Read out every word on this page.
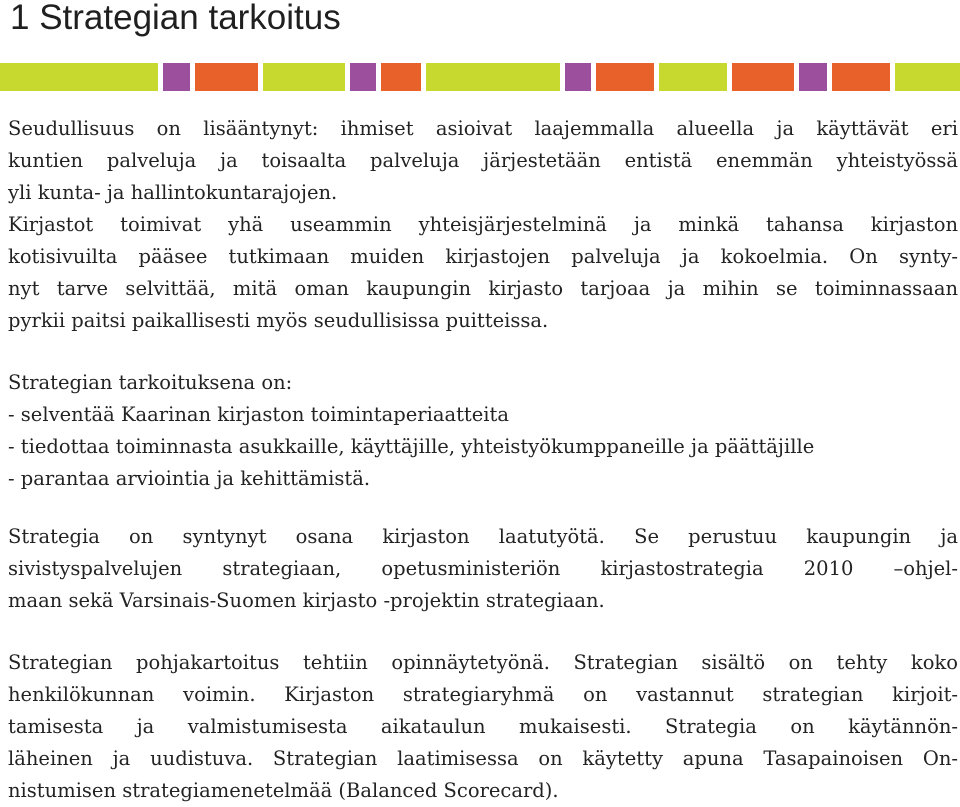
1 Strategian tarkoitus
Seudullisuus on lisääntynyt: ihmiset asioivat laajemmalla alueella ja käyttävät eri
kuntien palveluja ja toisaalta palveluja järjestetään entistä enemmän yhteistyössä
yli kunta- ja hallintokuntarajojen.
Kirjastot toimivat yhä useammin yhteisjärjestelminä ja minkä tahansa kirjaston
kotisivuilta pääsee tutkimaan muiden kirjastojen palveluja ja kokoelmia. On synty-
nyt tarve selvittää, mitä oman kaupungin kirjasto tarjoaa ja mihin se toiminnassaan
pyrkii paitsi paikallisesti myös seudullisissa puitteissa.
Strategian tarkoituksena on:
- selventää Kaarinan kirjaston toimintaperiaatteita
- tiedottaa toiminnasta asukkaille, käyttäjille, yhteistyökumppaneille ja päättäjille
- parantaa arviointia ja kehittämistä.
Strategia on syntynyt osana kirjaston laatutyötä. Se perustuu kaupungin ja
sivistyspalvelujen strategiaan, opetusministeriön kirjastostrategia 2010 –ohjel-
maan sekä Varsinais-Suomen kirjasto -projektin strategiaan.
Strategian pohjakartoitus tehtiin opinnäytetyönä. Strategian sisältö on tehty koko
henkilökunnan voimin. Kirjaston strategiaryhmä on vastannut strategian kirjoit-
tamisesta ja valmistumisesta aikataulun mukaisesti. Strategia on käytännön-
läheinen ja uudistuva. Strategian laatimisessa on käytetty apuna Tasapainoisen On-
nistumisen strategiamenetelmää (Balanced Scorecard).
